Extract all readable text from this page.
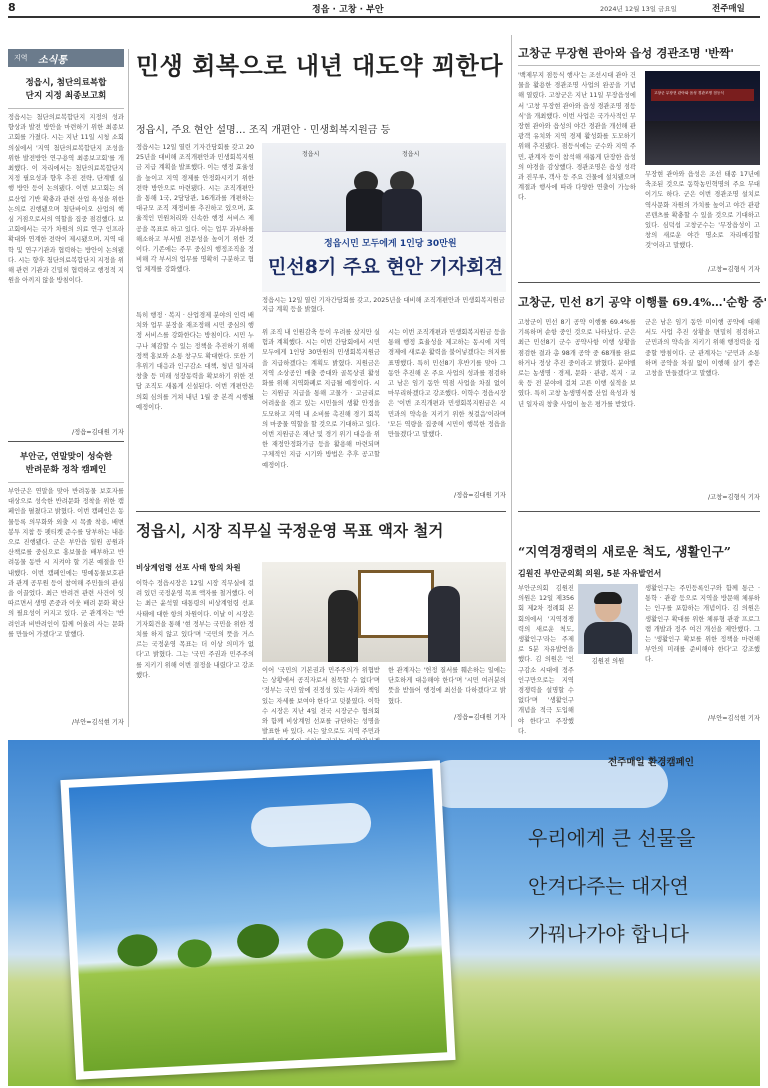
8	정읍 · 고창 · 부안	2024년 12월 13일 금요일	전주매일
지역 소식통
정읍시, 첨단의료복합
단지 지정 최종보고회
정읍시는 첨단의료복합단지 지정의 성과 향상과 발전 방안을 마련하기 위한 최종보고회를 가졌다. 시는 지난 11일 시청 소회의실에서 '지역 첨단의료복합단지 조성을 위한 발전방안 연구용역 최종보고회'를 개최했다. 이 자리에서는 첨단의료복합단지 지정 필요성과 향후 추진 전략, 단계별 실행 방안 등이 논의됐다. 이번 보고회는 의료산업 기반 확충과 관련 산업 육성을 위한 논의로 진행됐으며 첨단바이오 산업의 핵심 거점으로서의 역할을 집중 점검했다. 보고회에서는 국가 차원의 의료 연구 인프라 확대와 연계한 전략이 제시됐으며, 지역 대학 및 연구기관과 협력하는 방안이 논의됐다. 시는 향후 첨단의료복합단지 지정을 위해 관련 기관과 긴밀히 협력하고 행정적 지원을 아끼지 않을 방침이다.
/정읍=김대원 기자
부안군, 연말맞이 성숙한
반려문화 정착 캠페인
부안군은 연말을 맞아 반려동물 보호자를 대상으로 성숙한 반려문화 정착을 위한 캠페인을 펼쳤다고 밝혔다. 이번 캠페인은 동물등록 의무화와 외출 시 목줄 착용, 배변봉투 지참 등 펫티켓 준수를 당부하는 내용으로 진행됐다. 군은 부안읍 일원 공원과 산책로를 중심으로 홍보물을 배부하고 반려동물 동반 시 지켜야 할 기본 예절을 안내했다. 이번 캠페인에는 명예동물보호관과 관계 공무원 등이 참여해 주민들의 관심을 이끌었다. 최근 반려견 관련 사건이 잇따르면서 생명 존중과 이웃 배려 문화 확산의 필요성이 커지고 있다. 군 관계자는 '반려인과 비반려인이 함께 어울려 사는 문화를 만들어 가겠다'고 말했다.
/부안=김석현 기자
민생 회복으로 내년 대도약 꾀한다
정읍시, 주요 현안 설명… 조직 개편안 · 민생회복지원금 등
정읍시는 12일 열린 기자간담회를 갖고 2025년을 대비해 조직개편안과 민생회복지원금 지급 계획을 발표했다. 이는 행정 효율성을 높이고 지역 경제를 안정화시키기 위한 전략 방안으로 마련됐다. 시는 조직개편안을 통해 1국, 2담당관, 16개과를 개편하는 대규모 조직 재정비를 추진하고 있으며, 효율적인 민원처리와 신속한 행정 서비스 제공을 목표로 하고 있다. 이는 업무 과부하를 해소하고 부서별 전문성을 높이기 위한 것이다. 기존에는 주무 중심의 행정조직을 정비해 각 부서의 업무를 명확히 구분하고 협업 체계를 강화했다.
정읍시	정읍시
정읍시민 모두에게 1인당 30만원
민선8기 주요 현안 기자회견
정읍시는 12일 열린 기자간담회를 갖고, 2025년을 대비해 조직개편안과 민생회복지원금 지급 계획 등을 밝혔다.
특히 행정 · 복지 · 산업경제 분야의 인력 배치와 업무 분장을 재조정해 시민 중심의 행정 서비스를 강화한다는 방침이다. 시민 누구나 체감할 수 있는 정책을 추진하기 위해 정책 홍보와 소통 창구도 확대한다. 또한 기후위기 대응과 인구감소 대책, 청년 일자리 창출 등 미래 성장동력을 확보하기 위한 전담 조직도 새롭게 신설된다. 이번 개편안은 의회 심의를 거쳐 내년 1월 중 본격 시행될 예정이다.
위 조직 내 인원감축 등이 우려를 샀지만 실험과 계획했다. 시는 이번 간담회에서 시민 모두에게 1인당 30만원의 민생회복지원금을 지급하겠다는 계획도 밝혔다. 지원금은 지역 소상공인 매출 증대와 골목상권 활성화를 위해 지역화폐로 지급될 예정이다. 시는 지원금 지급을 통해 고물가 · 고금리로 어려움을 겪고 있는 시민들의 생활 안정을 도모하고 지역 내 소비를 촉진해 경기 회복의 마중물 역할을 할 것으로 기대하고 있다. 이번 지원금은 재난 및 경기 위기 대응을 위한 재정안정화기금 등을 활용해 마련되며 구체적인 지급 시기와 방법은 추후 공고할 예정이다.
시는 이번 조직개편과 민생회복지원금 등을 통해 행정 효율성을 제고하는 동시에 지역 경제에 새로운 활력을 불어넣겠다는 의지를 표명했다. 특히 민선8기 후반기를 맞아 그동안 추진해 온 주요 사업의 성과를 점검하고 남은 임기 동안 역점 사업을 차질 없이 마무리하겠다고 강조했다. 이학수 정읍시장은 '이번 조직개편과 민생회복지원금은 시민과의 약속을 지키기 위한 첫걸음'이라며 '모든 역량을 집중해 시민이 행복한 정읍을 만들겠다'고 말했다.
/정읍=김대원 기자
정읍시, 시장 직무실 국정운영 목표 액자 철거
비상계엄령 선포 사태 항의 차원
이학수 정읍시장은 12일 시장 직무실에 걸려 있던 국정운영 목표 액자를 철거했다. 이는 최근 윤석열 대통령의 비상계엄령 선포 사태에 대한 항의 차원이다. 이날 이 시장은 기자회견을 통해 '현 정부는 국민을 위한 정치를 하지 않고 있다'며 '국민의 뜻을 거스르는 국정운영 목표는 더 이상 의미가 없다'고 밝혔다. 그는 '국민 주권과 민주주의를 지키기 위해 이번 결정을 내렸다'고 강조했다.
이어 '국민의 기본권과 민주주의가 위협받는 상황에서 공직자로서 침묵할 수 없다'며 '정부는 국민 앞에 진정성 있는 사과와 책임 있는 자세를 보여야 한다'고 덧붙였다. 이학수 시장은 지난 4일 전국 시장군수 협의회와 함께 비상계엄 선포를 규탄하는 성명을 발표한 바 있다. 시는 앞으로도 지역 주민과
한 관계자는 '헌정 질서를 훼손하는 일에는 단호하게 대응해야 한다'며 '시민 여러분의 뜻을 받들어 행정에 최선을 다하겠다'고 밝혔다.
/정읍=김대원 기자
고창군 무장현 관아와 읍성 경관조명 '반짝'
'백제무지 점등식 행사'는 조선시대 관아 건물을 활용한 경관조명 사업의 완공을 기념해 열렸다. 고창군은 지난 11일 무장읍성에서 '고창 무장현 관아와 읍성 경관조명 점등식'을 개최했다. 이번 사업은 국가사적인 무장현 관아와 읍성의 야간 경관을 개선해 관광객 유치와 지역 경제 활성화를 도모하기 위해 추진됐다. 점등식에는 군수와 지역 주민, 관계자 등이 참석해 새롭게 단장한 읍성의 야경을 감상했다. 경관조명은 읍성 성곽과 진무루, 객사 등 주요 건물에 설치됐으며 계절과 행사에 따라 다양한 연출이 가능하다.
고창군 무장현 관아와 읍성 경관조명 점등식
무장현 관아와 읍성은 조선 태종 17년에 축조된 것으로 동학농민혁명의 주요 무대이기도 하다. 군은 이번 경관조명 설치로 역사문화 자원의 가치를 높이고 야간 관광 콘텐츠를 확충할 수 있을 것으로 기대하고 있다. 심덕섭 고창군수는 '무장읍성이 고창의 새로운 야간 명소로 자리매김할 것'이라고 말했다.
/고창=김형식 기자
고창군, 민선 8기 공약 이행률 69.4%…'순항 중'
고창군이 민선 8기 공약 이행률 69.4%를 기록하며 순항 중인 것으로 나타났다. 군은 최근 민선8기 군수 공약사항 이행 상황을 점검한 결과 총 98개 공약 중 68개를 완료하거나 정상 추진 중이라고 밝혔다. 분야별로는 농생명 · 경제, 문화 · 관광, 복지 · 교육 등 전 분야에 걸쳐 고른 이행 실적을 보였다. 특히 고창 농생명식품 산업 육성과 청년 일자리 창출 사업이 높은 평가를 받았다.
군은 남은 임기 동안 미이행 공약에 대해서도 사업 추진 상황을 면밀히 점검하고 군민과의 약속을 지키기 위해 행정력을 집중할 방침이다. 군 관계자는 '군민과 소통하며 공약을 차질 없이 이행해 살기 좋은 고창을 만들겠다'고 말했다.
/고창=김형식 기자
“지역경쟁력의 새로운 척도, 생활인구”
김원진 부안군의회 의원, 5분 자유발언서
부안군의회 김원진 의원은 12일 제356회 제2차 정례회 본회의에서 '지역경쟁력의 새로운 척도, 생활인구'라는 주제로 5분 자유발언을 했다. 김 의원은 '인구감소 시대에 정주인구만으로는 지역 경쟁력을 설명할 수 없다'며 '생활인구 개념을 적극 도입해야 한다'고 주장했다.
김원진 의원
생활인구는 주민등록인구와 함께 통근 · 통학 · 관광 등으로 지역을 방문해 체류하는 인구를 포함하는 개념이다. 김 의원은 생활인구 확대를 위한 체류형 관광 프로그램 개발과 정주 여건 개선을 제안했다. 그는 '생활인구 확보를 위한 정책을 마련해 부안의 미래를 준비해야 한다'고 강조했다.
/부안=김석현 기자
전주매일 환경캠페인
우리에게 큰 선물을
안겨다주는 대자연
가꿔나가야 합니다
